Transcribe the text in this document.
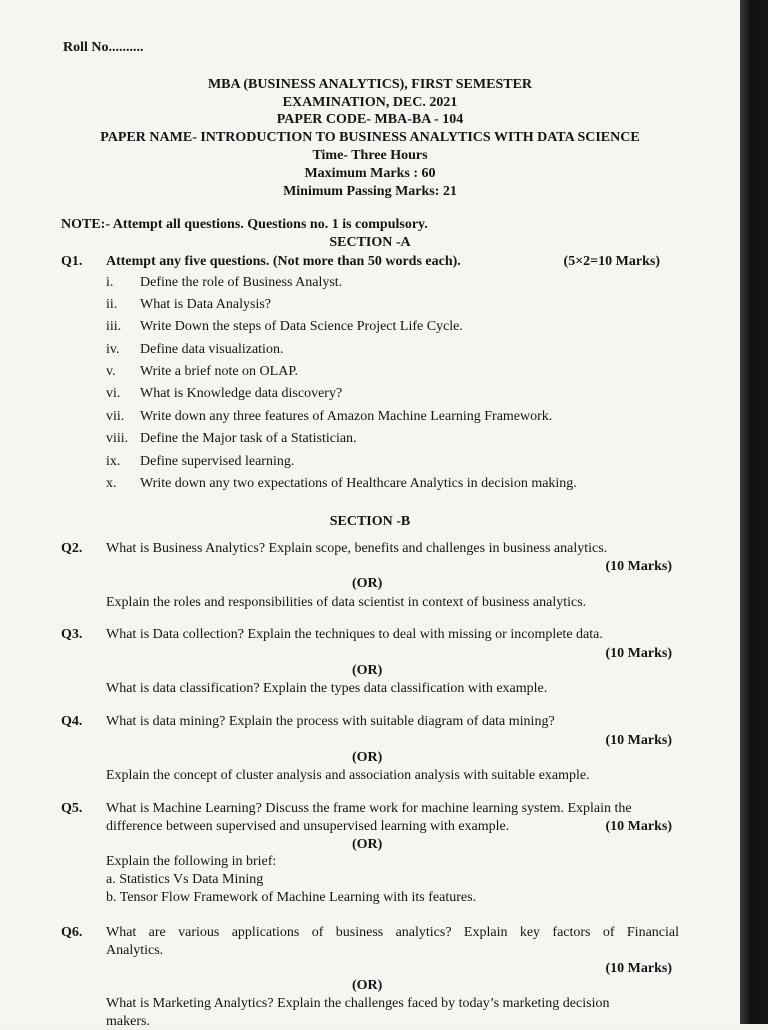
Roll No..........
MBA (BUSINESS ANALYTICS), FIRST SEMESTER
EXAMINATION, DEC. 2021
PAPER CODE- MBA-BA - 104
PAPER NAME- INTRODUCTION TO BUSINESS ANALYTICS WITH DATA SCIENCE
Time- Three Hours
Maximum Marks : 60
Minimum Passing Marks: 21
NOTE:- Attempt all questions. Questions no. 1 is compulsory.
SECTION -A
Q1. Attempt any five questions. (Not more than 50 words each).	(5×2=10 Marks)
i. Define the role of Business Analyst.
ii. What is Data Analysis?
iii. Write Down the steps of Data Science Project Life Cycle.
iv. Define data visualization.
v. Write a brief note on OLAP.
vi. What is Knowledge data discovery?
vii. Write down any three features of Amazon Machine Learning Framework.
viii. Define the Major task of a Statistician.
ix. Define supervised learning.
x. Write down any two expectations of Healthcare Analytics in decision making.
SECTION -B
Q2. What is Business Analytics? Explain scope, benefits and challenges in business analytics.
(10 Marks)
(OR)
Explain the roles and responsibilities of data scientist in context of business analytics.
Q3. What is Data collection? Explain the techniques to deal with missing or incomplete data.
(10 Marks)
(OR)
What is data classification? Explain the types data classification with example.
Q4. What is data mining? Explain the process with suitable diagram of data mining?
(10 Marks)
(OR)
Explain the concept of cluster analysis and association analysis with suitable example.
Q5. What is Machine Learning? Discuss the frame work for machine learning system. Explain the
difference between supervised and unsupervised learning with example.	(10 Marks)
(OR)
Explain the following in brief:
a. Statistics Vs Data Mining
b. Tensor Flow Framework of Machine Learning with its features.
Q6. What are various applications of business analytics? Explain key factors of Financial
Analytics.
(10 Marks)
(OR)
What is Marketing Analytics? Explain the challenges faced by today’s marketing decision
makers.
